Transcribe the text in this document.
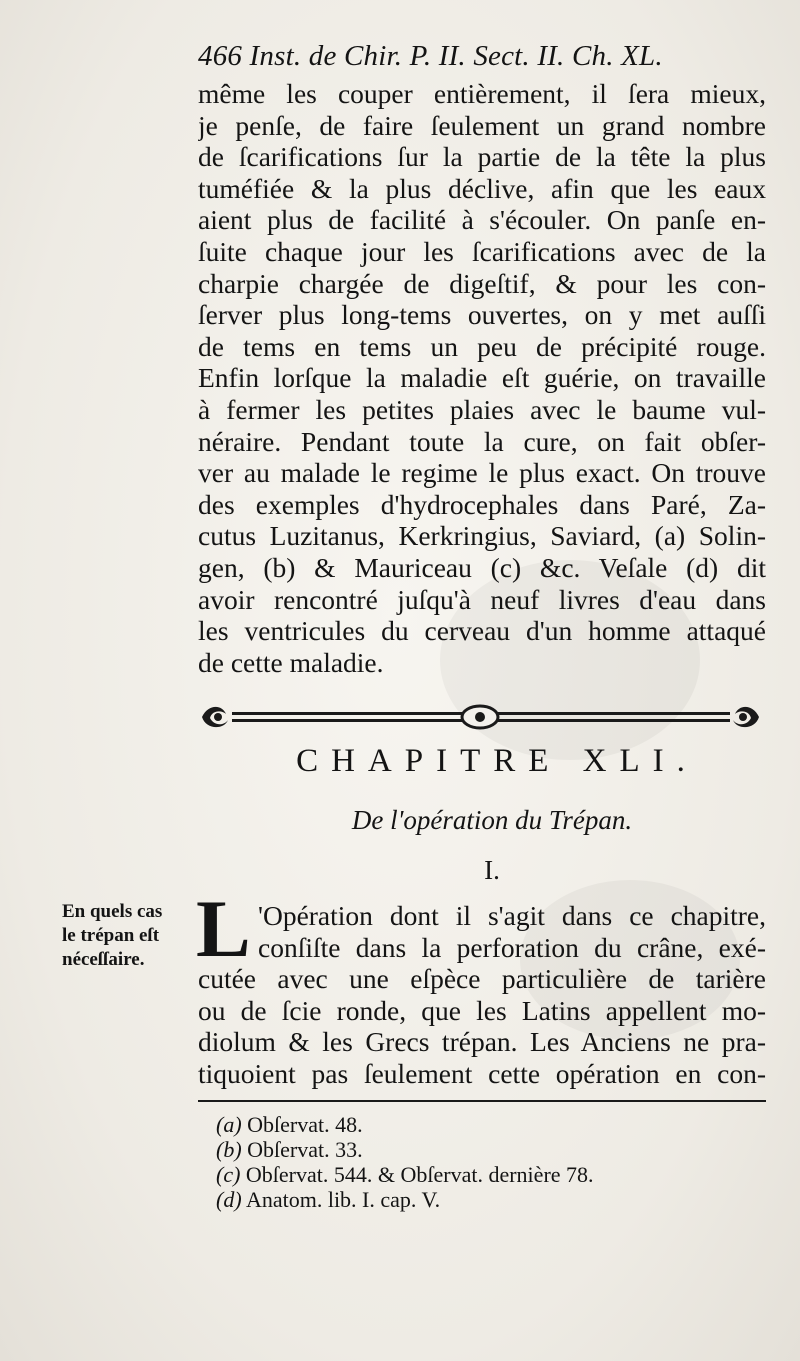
466 Inst. de Chir. P. II. Sect. II. Ch. XL.
même les couper entièrement, il ſera mieux,
je penſe, de faire ſeulement un grand nombre
de ſcarifications ſur la partie de la tête la plus
tuméfiée & la plus déclive, afin que les eaux
aient plus de facilité à s'écouler. On panſe en-
ſuite chaque jour les ſcarifications avec de la
charpie chargée de digeſtif, & pour les con-
ſerver plus long-tems ouvertes, on y met auſſi
de tems en tems un peu de précipité rouge.
Enfin lorſque la maladie eſt guérie, on travaille
à fermer les petites plaies avec le baume vul-
néraire. Pendant toute la cure, on fait obſer-
ver au malade le regime le plus exact. On trouve
des exemples d'hydrocephales dans Paré, Za-
cutus Luzitanus, Kerkringius, Saviard, (a) Solin-
gen, (b) & Mauriceau (c) &c. Veſale (d) dit
avoir rencontré juſqu'à neuf livres d'eau dans
les ventricules du cerveau d'un homme attaqué
de cette maladie.
CHAPITRE XLI.
De l'opération du Trépan.
I.
En quels cas
le trépan eſt
néceſſaire. L 'Opération dont il s'agit dans ce chapitre,
conſiſte dans la perforation du crâne, exé-
cutée avec une eſpèce particulière de tarière
ou de ſcie ronde, que les Latins appellent mo-
diolum & les Grecs trépan. Les Anciens ne pra-
tiquoient pas ſeulement cette opération en con-
(a) Obſervat. 48.
(b) Obſervat. 33.
(c) Obſervat. 544. & Obſervat. dernière 78.
(d) Anatom. lib. I. cap. V.
